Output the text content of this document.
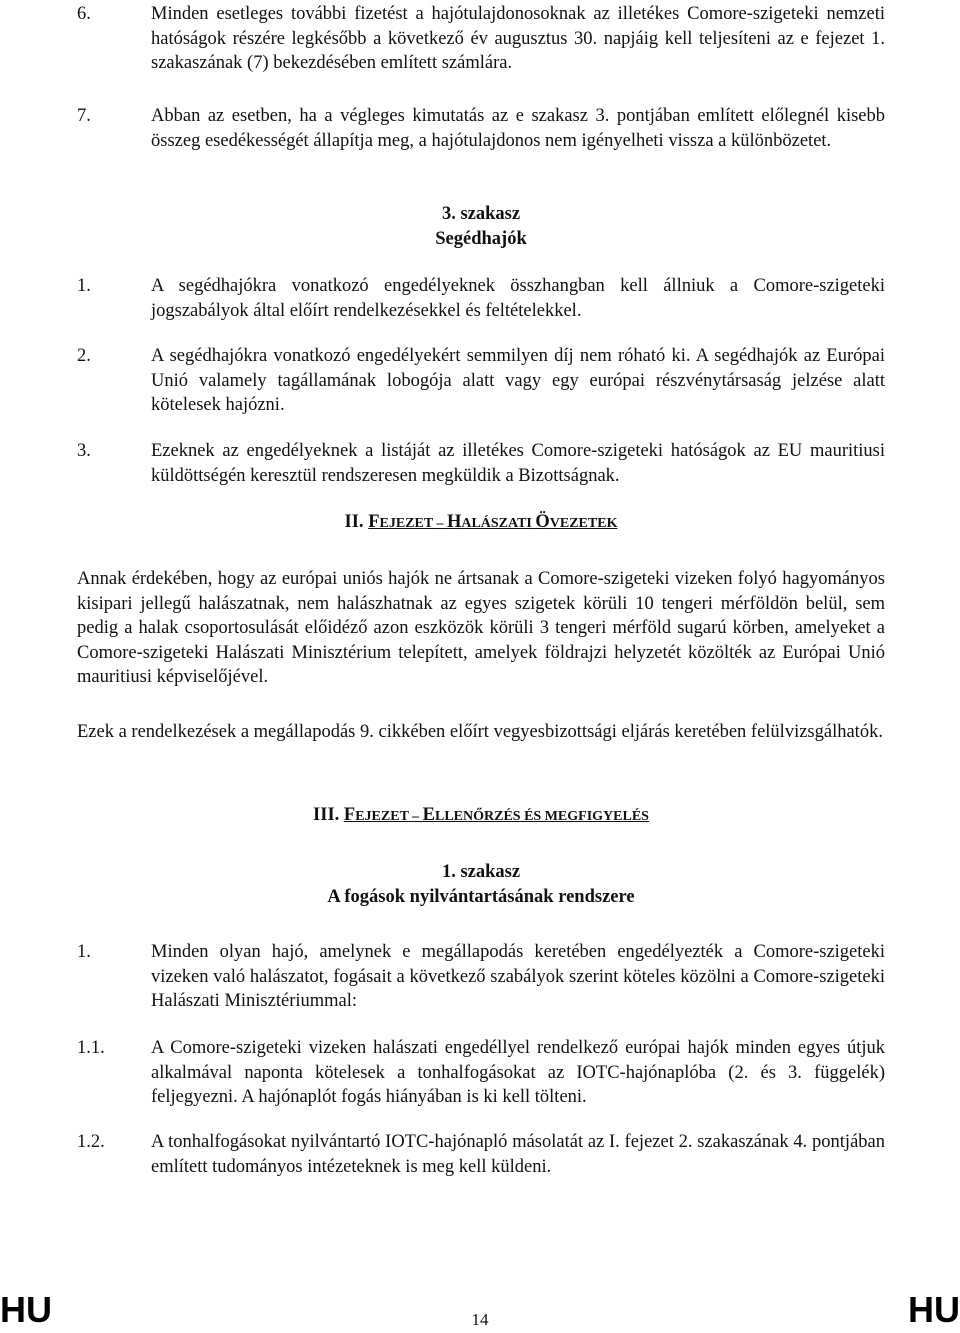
6.	Minden esetleges további fizetést a hajótulajdonosoknak az illetékes Comore-szigeteki nemzeti hatóságok részére legkésőbb a következő év augusztus 30. napjáig kell teljesíteni az e fejezet 1. szakaszának (7) bekezdésében említett számlára.
7.	Abban az esetben, ha a végleges kimutatás az e szakasz 3. pontjában említett előlegnél kisebb összeg esedékességét állapítja meg, a hajótulajdonos nem igényelheti vissza a különbözetet.
3. szakasz
Segédhajók
1.	A segédhajókra vonatkozó engedélyeknek összhangban kell állniuk a Comore-szigeteki jogszabályok által előírt rendelkezésekkel és feltételekkel.
2.	A segédhajókra vonatkozó engedélyekért semmilyen díj nem róható ki. A segédhajók az Európai Unió valamely tagállamának lobogója alatt vagy egy európai részvénytársaság jelzése alatt kötelesek hajózni.
3.	Ezeknek az engedélyeknek a listáját az illetékes Comore-szigeteki hatóságok az EU mauritiusi küldöttségén keresztül rendszeresen megküldik a Bizottságnak.
II. FEJEZET – HALÁSZATI ÖVEZETEK
Annak érdekében, hogy az európai uniós hajók ne ártsanak a Comore-szigeteki vizeken folyó hagyományos kisipari jellegű halászatnak, nem halászhatnak az egyes szigetek körüli 10 tengeri mérföldön belül, sem pedig a halak csoportosulását előidéző azon eszközök körüli 3 tengeri mérföld sugarú körben, amelyeket a Comore-szigeteki Halászati Minisztérium telepített, amelyek földrajzi helyzetét közölték az Európai Unió mauritiusi képviselőjével.
Ezek a rendelkezések a megállapodás 9. cikkében előírt vegyesbizottsági eljárás keretében felülvizsgálhatók.
III. FEJEZET – ELLENŐRZÉS ÉS MEGFIGYELÉS
1. szakasz
A fogások nyilvántartásának rendszere
1.	Minden olyan hajó, amelynek e megállapodás keretében engedélyezték a Comore-szigeteki vizeken való halászatot, fogásait a következő szabályok szerint köteles közölni a Comore-szigeteki Halászati Minisztériummal:
1.1.	A Comore-szigeteki vizeken halászati engedéllyel rendelkező európai hajók minden egyes útjuk alkalmával naponta kötelesek a tonhalfogásokat az IOTC-hajónaplóba (2. és 3. függelék) feljegyezni. A hajónaplót fogás hiányában is ki kell tölteni.
1.2.	A tonhalfogásokat nyilvántartó IOTC-hajónapló másolatát az I. fejezet 2. szakaszának 4. pontjában említett tudományos intézeteknek is meg kell küldeni.
HU	14	HU
